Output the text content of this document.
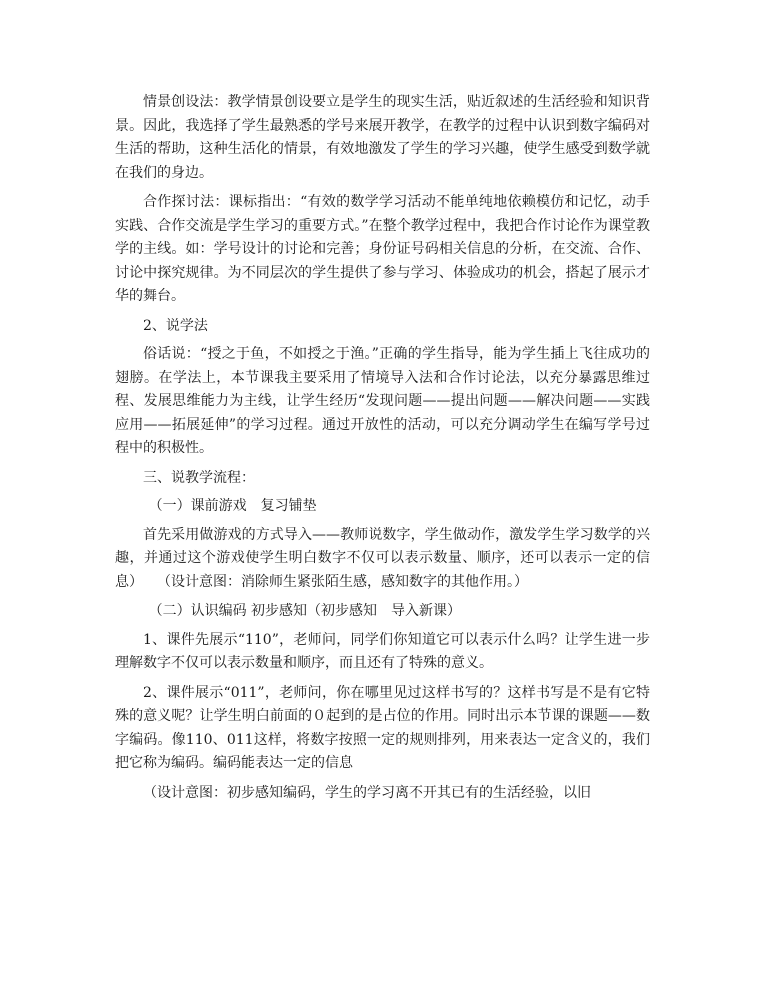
情景创设法：教学情景创设要立是学生的现实生活，贴近叙述的生活经验和知识背景。因此，我选择了学生最熟悉的学号来展开教学，在教学的过程中认识到数字编码对生活的帮助，这种生活化的情景，有效地激发了学生的学习兴趣，使学生感受到数学就在我们的身边。

合作探讨法：课标指出：“有效的数学学习活动不能单纯地依赖模仿和记忆，动手实践、合作交流是学生学习的重要方式。”在整个教学过程中，我把合作讨论作为课堂教学的主线。如：学号设计的讨论和完善；身份证号码相关信息的分析，在交流、合作、讨论中探究规律。为不同层次的学生提供了参与学习、体验成功的机会，搭起了展示才华的舞台。

2、说学法

俗话说：“授之于鱼，不如授之于渔。”正确的学生指导，能为学生插上飞往成功的翅膀。在学法上，本节课我主要采用了情境导入法和合作讨论法，以充分暴露思维过程、发展思维能力为主线，让学生经历“发现问题——提出问题——解决问题——实践应用——拓展延伸”的学习过程。通过开放性的活动，可以充分调动学生在编写学号过程中的积极性。

三、说教学流程：

（一）课前游戏　复习铺垫

首先采用做游戏的方式导入——教师说数字，学生做动作，激发学生学习数学的兴趣，并通过这个游戏使学生明白数字不仅可以表示数量、顺序，还可以表示一定的信息）　　（设计意图：消除师生紧张陌生感，感知数字的其他作用。）

（二）认识编码 初步感知（初步感知　导入新课）

1、课件先展示“110”，老师问，同学们你知道它可以表示什么吗？让学生进一步理解数字不仅可以表示数量和顺序，而且还有了特殊的意义。

2、课件展示“011”，老师问，你在哪里见过这样书写的？这样书写是不是有它特殊的意义呢？让学生明白前面的０起到的是占位的作用。同时出示本节课的课题——数字编码。像110、011这样，将数字按照一定的规则排列，用来表达一定含义的，我们把它称为编码。编码能表达一定的信息

（设计意图：初步感知编码，学生的学习离不开其已有的生活经验，以旧
